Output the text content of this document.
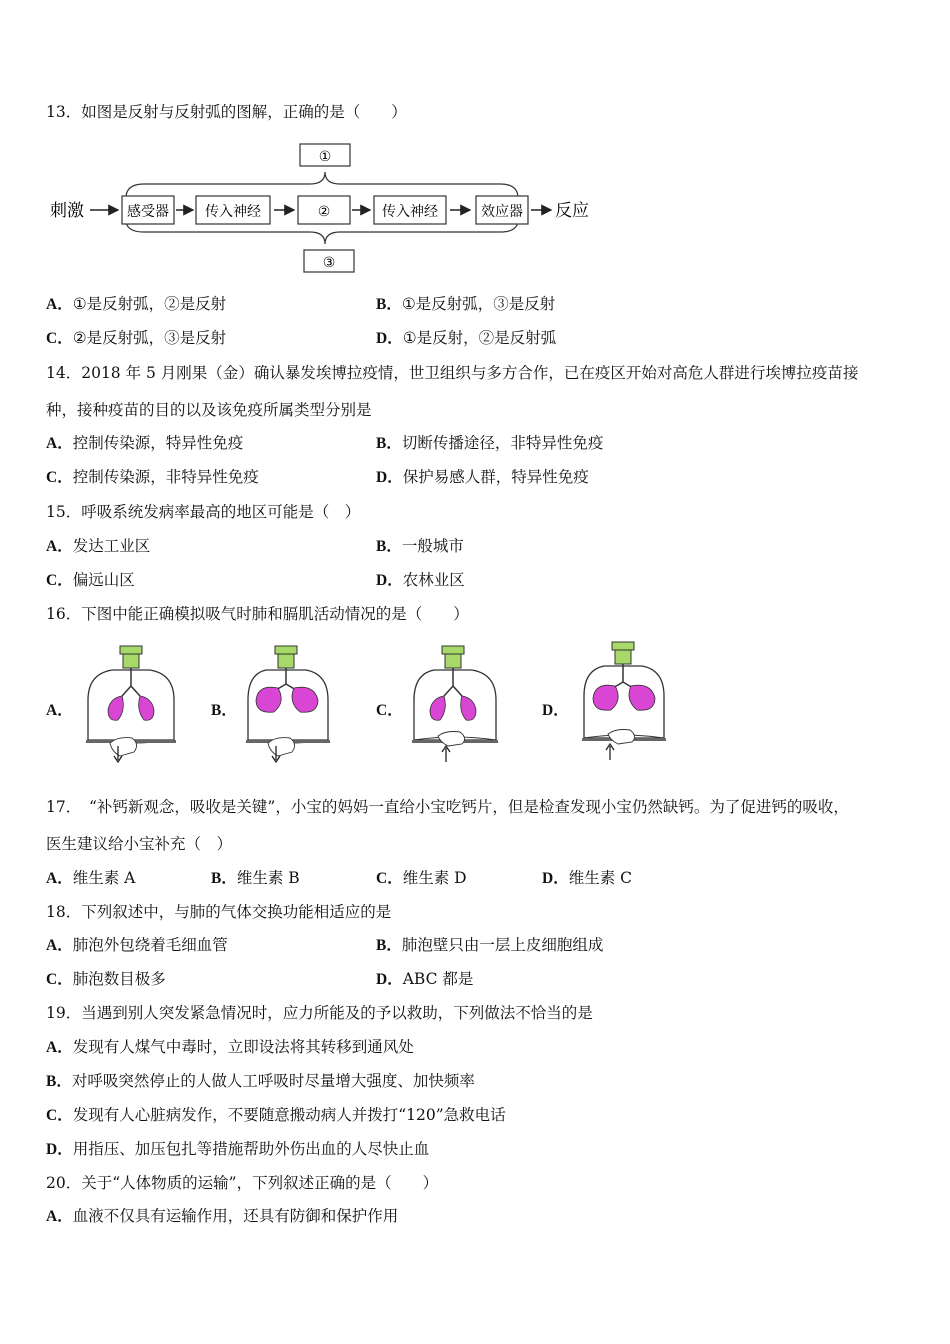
13．如图是反射与反射弧的图解，正确的是（　　）
①
③
刺激	感受器	传入神经	②	传入神经	效应器 反应
A．①是反射弧，②是反射	B．①是反射弧，③是反射
C．②是反射弧，③是反射	D．①是反射，②是反射弧
14．2018 年 5 月刚果（金）确认暴发埃博拉疫情，世卫组织与多方合作，已在疫区开始对高危人群进行埃博拉疫苗接
种，接种疫苗的目的以及该免疫所属类型分别是
A．控制传染源，特异性免疫	B．切断传播途径，非特异性免疫
C．控制传染源，非特异性免疫	D．保护易感人群，特异性免疫
15．呼吸系统发病率最高的地区可能是（　）
A．发达工业区	B．一般城市
C．偏远山区	D．农林业区
16．下图中能正确模拟吸气时肺和膈肌活动情况的是（　　）
A．	B．	C．	D．
17．　“补钙新观念，吸收是关键”，小宝的妈妈一直给小宝吃钙片，但是检查发现小宝仍然缺钙。为了促进钙的吸收，
医生建议给小宝补充（　）
A．维生素 A	B．维生素 B	C．维生素 D	D．维生素 C
18．下列叙述中，与肺的气体交换功能相适应的是
A．肺泡外包绕着毛细血管	B．肺泡壁只由一层上皮细胞组成
C．肺泡数目极多	D．ABC 都是
19．当遇到别人突发紧急情况时，应力所能及的予以救助，下列做法不恰当的是
A．发现有人煤气中毒时，立即设法将其转移到通风处
B．对呼吸突然停止的人做人工呼吸时尽量增大强度、加快频率
C．发现有人心脏病发作，不要随意搬动病人并拨打“120”急救电话
D．用指压、加压包扎等措施帮助外伤出血的人尽快止血
20．关于“人体物质的运输”，下列叙述正确的是（　　）
A．血液不仅具有运输作用，还具有防御和保护作用
